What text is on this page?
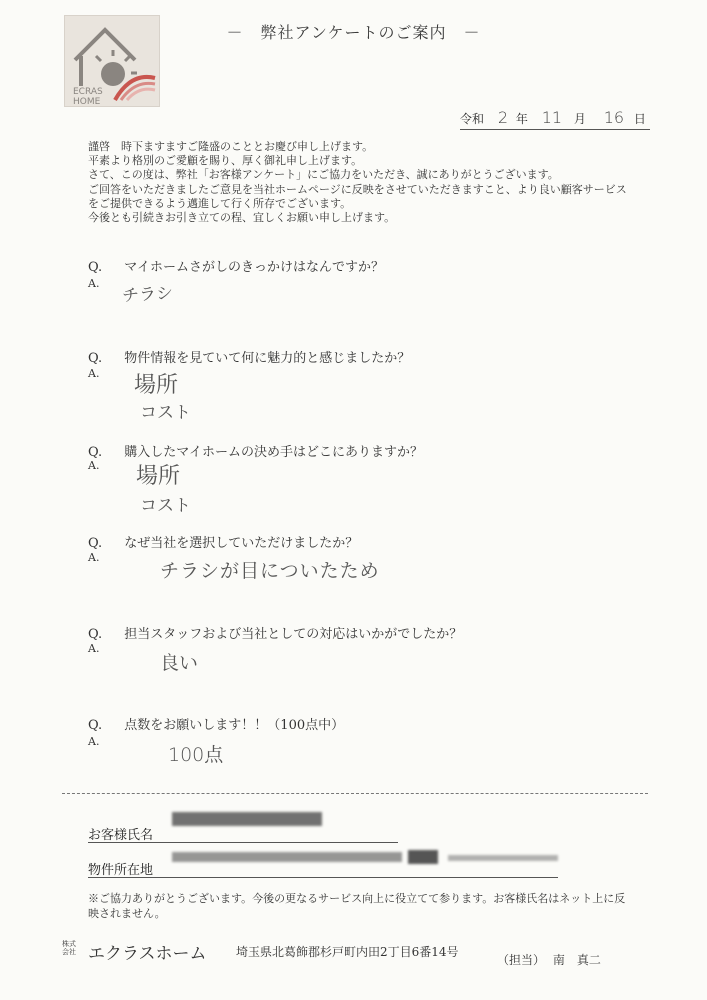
ECRAS
HOME
－　弊社アンケートのご案内　－
令和 2 年 11 月 16 日

謹啓　時下ますますご隆盛のこととお慶び申し上げます。

平素より格別のご愛顧を賜り、厚く御礼申し上げます。

さて、この度は、弊社「お客様アンケート」にご協力をいただき、誠にありがとうございます。

ご回答をいただきましたご意見を当社ホームページに反映をさせていただきますこと、より良い顧客サービス

をご提供できるよう邁進して行く所存でございます。

今後とも引続きお引き立ての程、宜しくお願い申し上げます。

Q. マイホームさがしのきっかけはなんですか？
A.
チラシ
Q. 物件情報を見ていて何に魅力的と感じましたか？
A. 場所
コスト
Q. 購入したマイホームの決め手はどこにありますか？
A. 場所
コスト
Q. なぜ当社を選択していただけましたか？
A.
チラシが目についたため
Q. 担当スタッフおよび当社としての対応はいかがでしたか？
A.
良い
Q. 点数をお願いします！！（100点中）
A.
100点
お客様氏名
物件所在地
※ご協力ありがとうございます。今後の更なるサービス向上に役立てて参ります。お客様氏名はネット上に反
映されません。
株式会社 エクラスホーム 埼玉県北葛飾郡杉戸町内田2丁目6番14号
（担当） 南　真二
